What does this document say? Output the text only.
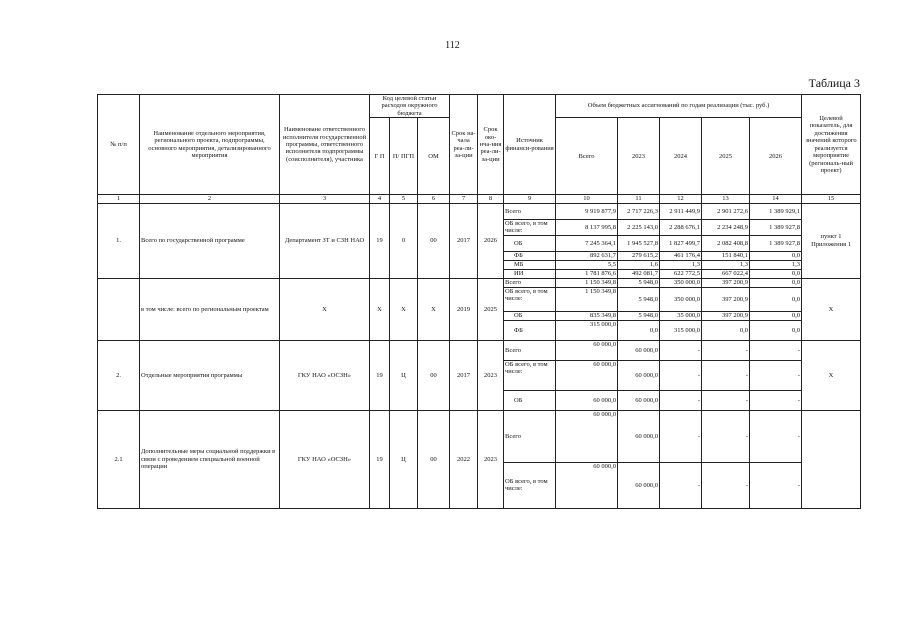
112
Таблица 3
№ п/п	Наименование отдельного мероприятия, регионального проекта, подпрограммы, основного мероприятия, детализированного мероприятия	Наименоване ответственного исполнителя государственной программы, ответственного исполнителя подпрограммы (соисполнителя), участника	Код целевой статьи расходов окружного бюджета			Срок на-чала реа-ли-за-ции	Срок око-нча-ния реа-ли-за-ции	Источник финанси-рования	Объем бюджетных ассигнований по годам реализации (тыс. руб.)					Целевой показатель, для достижения значений которого реализуется мероприятие (региональ-ный проект)
			Г П	П/ ПГП	ОМ				Всего	2023	2024	2025	2026	
1	2	3	4	5	6	7	8	9	10	11	12	13	14	15
1.	Всего по государственной программе	Департамент ЗТ и СЗН НАО	19	0	00	2017	2026	Всего	9 919 877,9	2 717 226,3	2 911 449,9	2 901 272,6	1 389 929,1	пункт 1 Приложения 1
								ОБ всего, в том числе:	8 137 995,8	2 225 143,0	2 288 676,1	2 234 248,9	1 389 927,8	
								ОБ	7 245 364,1	1 945 527,8	1 827 499,7	2 082 408,8	1 389 927,8	
								ФБ	892 631,7	279 615,2	461 176,4	151 840,1	0,0	
								МБ	5,5	1,6	1,3	1,3	1,3	
								ИИ	1 781 876,6	492 081,7	622 772,5	667 022,4	0,0	
	в том числе: всего по региональным проектам	Х	Х	Х	Х	2019	2025	Всего	1 150 349,8	5 948,0	350 000,0	397 200,9	0,0	Х
								ОБ всего, в том числе:	1 150 349,8	5 948,0	350 000,0	397 200,9	0,0	
								ОБ	835 349,8	5 948,0	35 000,0	397 200,9	0,0	
								ФБ	315 000,0	0,0	315 000,0	0,0	0,0	
2.	Отдельные мероприятия программы	ГКУ НАО «ОСЗН»	19	Ц	00	2017	2023	Всего	60 000,0	60 000,0	-	-	-	Х
								ОБ всего, в том числе:	60 000,0	60 000,0	-	-	-	
								ОБ	60 000,0	60 000,0	-	-	-	
2.1	Дополнительные меры социальной поддержки в связи с проведением специальной военной операции	ГКУ НАО «ОСЗН»	19	Ц	00	2022	2023	Всего	60 000,0	60 000,0	-	-	-	
								ОБ всего, в том числе:	60 000,0	60 000,0	-	-	-	
